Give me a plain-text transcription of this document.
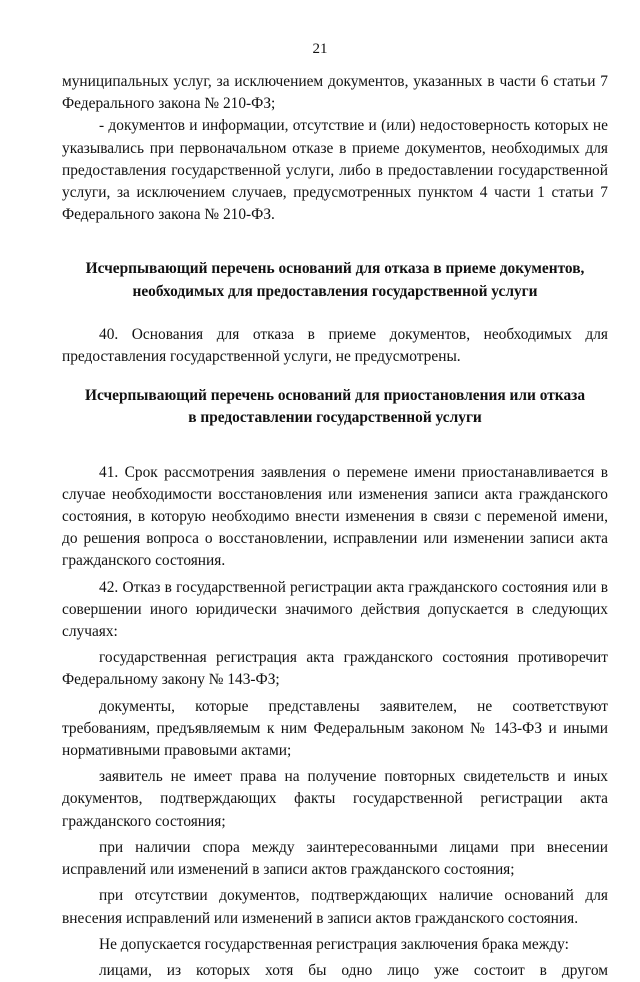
21

муниципальных услуг, за исключением документов, указанных в части 6 статьи 7 Федерального закона № 210-ФЗ;

- документов и информации, отсутствие и (или) недостоверность которых не указывались при первоначальном отказе в приеме документов, необходимых для предоставления государственной услуги, либо в предоставлении государственной услуги, за исключением случаев, предусмотренных пунктом 4 части 1 статьи 7 Федерального закона № 210-ФЗ.

Исчерпывающий перечень оснований для отказа в приеме документов,
необходимых для предоставления государственной услуги

40. Основания для отказа в приеме документов, необходимых для предоставления государственной услуги, не предусмотрены.

Исчерпывающий перечень оснований для приостановления или отказа
в предоставлении государственной услуги

41. Срок рассмотрения заявления о перемене имени приостанавливается в случае необходимости восстановления или изменения записи акта гражданского состояния, в которую необходимо внести изменения в связи с переменой имени, до решения вопроса о восстановлении, исправлении или изменении записи акта гражданского состояния.

42. Отказ в государственной регистрации акта гражданского состояния или в совершении иного юридически значимого действия допускается в следующих случаях:

государственная регистрация акта гражданского состояния противоречит Федеральному закону № 143-ФЗ;

документы, которые представлены заявителем, не соответствуют требованиям, предъявляемым к ним Федеральным законом № 143-ФЗ и иными нормативными правовыми актами;

заявитель не имеет права на получение повторных свидетельств и иных документов, подтверждающих факты государственной регистрации акта гражданского состояния;

при наличии спора между заинтересованными лицами при внесении исправлений или изменений в записи актов гражданского состояния;

при отсутствии документов, подтверждающих наличие оснований для внесения исправлений или изменений в записи актов гражданского состояния.

Не допускается государственная регистрация заключения брака между:

лицами, из которых хотя бы одно лицо уже состоит в другом
